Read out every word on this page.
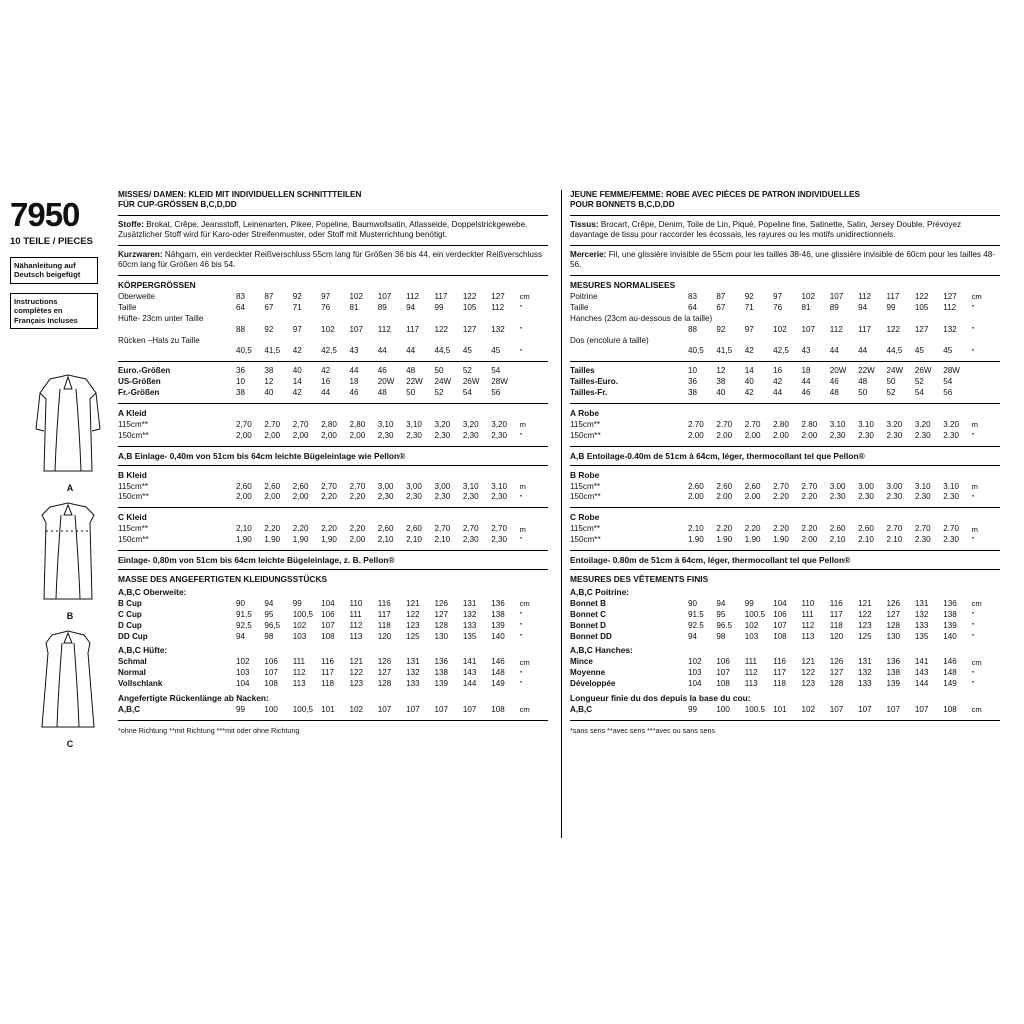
7950
10 TEILE / PIECES
Nähanleitung auf Deutsch beigefügt
Instructions complètes en Français Incluses
A
B
C
MISSES/ DAMEN: KLEID MIT INDIVIDUELLEN SCHNITTTEILEN
FÜR CUP-GRÖSSEN B,C,D,DD
Stoffe: Brokat, Crêpe, Jeansstoff, Leinenarten, Pikee, Popeline, Baumwollsatin, Atlasseide, Doppelstrickgewebe. Zusätzlicher Stoff wird für Karo-oder Streifenmuster, oder Stoff mit Musterrichtung benötigt.
Kurzwaren: Nähgarn, ein verdeckter Reißverschluss 55cm lang für Größen 36 bis 44, ein verdeckter Reißverschluss 60cm lang für Größen 46 bis 54.
KÖRPERGRÖSSEN
Oberweite	83	87	92	97	102	107	112	117	122	127	cm
Taille	64	67	71	76	81	89	94	99	105	112	"
Hüfte- 23cm unter Taille											
	88	92	97	102	107	112	117	122	127	132	"
Rücken –Hals zu Taille											
	40,5	41,5	42	42,5	43	44	44	44,5	45	45	"
Euro.-Größen	36	38	40	42	44	46	48	50	52	54	
US-Größen	10	12	14	16	18	20W	22W	24W	26W	28W	
Fr.-Größen	38	40	42	44	46	48	50	52	54	56	
A Kleid
115cm**	2,70	2,70	2,70	2,80	2,80	3,10	3,10	3,20	3,20	3,20	m
150cm**	2,00	2,00	2,00	2,00	2,00	2,30	2,30	2,30	2,30	2,30	"
A,B Einlage- 0,40m von 51cm bis 64cm leichte Bügeleinlage wie Pellon®
B Kleid
115cm**	2,60	2,60	2,60	2,70	2,70	3,00	3,00	3,00	3,10	3,10	m
150cm**	2,00	2,00	2,00	2,20	2,20	2,30	2,30	2,30	2,30	2,30	"
C Kleid
115cm**	2,10	2,20	2,20	2,20	2,20	2,60	2,60	2,70	2,70	2,70	m
150cm**	1,90	1,90	1,90	1,90	2,00	2,10	2,10	2,10	2,30	2,30	"
Einlage- 0,80m von 51cm bis 64cm leichte Bügeleinlage, z. B. Pellon®
MASSE DES ANGEFERTIGTEN KLEIDUNGSSTÜCKS
A,B,C Oberweite:
B Cup	90	94	99	104	110	116	121	126	131	136	cm
C Cup	91,5	95	100,5	106	111	117	122	127	132	138	"
D Cup	92,5	96,5	102	107	112	118	123	128	133	139	"
DD Cup	94	98	103	108	113	120	125	130	135	140	"
A,B,C Hüfte:
Schmal	102	106	111	116	121	126	131	136	141	146	cm
Normal	103	107	112	117	122	127	132	138	143	148	"
Vollschlank	104	108	113	118	123	128	133	139	144	149	"
Angefertigte Rückenlänge ab Nacken:
A,B,C	99	100	100,5	101	102	107	107	107	107	108	cm
*ohne Richtung **mit Richtung ***mit oder ohne Richtung
JEUNE FEMME/FEMME: ROBE AVEC PIÈCES DE PATRON INDIVIDUELLES
POUR BONNETS B,C,D,DD
Tissus: Brocart, Crêpe, Denim, Toile de Lin, Piqué, Popeline fine, Satinette, Satin, Jersey Double. Prévoyez davantage de tissu pour raccorder les écossais, les rayures ou les motifs unidirectionnels.
Mercerie: Fil, une glissière invisible de 55cm pour les tailles 38-46, une glissière invisible de 60cm pour les tailles 48-56.
MESURES NORMALISEES
Poitrine	83	87	92	97	102	107	112	117	122	127	cm
Taille	64	67	71	76	81	89	94	99	105	112	"
Hanches (23cm au-dessous de la taille)											
	88	92	97	102	107	112	117	122	127	132	"
Dos (encolure à taille)											
	40,5	41,5	42	42,5	43	44	44	44,5	45	45	"
Tailles	10	12	14	16	18	20W	22W	24W	26W	28W	
Tailles-Euro.	36	38	40	42	44	46	48	50	52	54	
Tailles-Fr.	38	40	42	44	46	48	50	52	54	56	
A Robe
115cm**	2.70	2.70	2.70	2.80	2.80	3.10	3.10	3.20	3.20	3.20	m
150cm**	2.00	2.00	2.00	2.00	2.00	2.30	2.30	2.30	2.30	2.30	"
A,B Entoilage-0.40m de 51cm à 64cm, léger, thermocollant tel que Pellon®
B Robe
115cm**	2.60	2.60	2.60	2.70	2.70	3.00	3.00	3.00	3.10	3.10	m
150cm**	2.00	2.00	2.00	2.20	2.20	2.30	2.30	2.30	2.30	2.30	"
C Robe
115cm**	2.10	2.20	2.20	2.20	2.20	2.60	2.60	2.70	2.70	2.70	m
150cm**	1.90	1.90	1.90	1.90	2.00	2.10	2.10	2.10	2.30	2.30	"
Entoilage- 0.80m de 51cm à 64cm, léger, thermocollant tel que Pellon®
MESURES DES VÊTEMENTS FINIS
A,B,C Poitrine:
Bonnet B	90	94	99	104	110	116	121	126	131	136	cm
Bonnet C	91.5	95	100.5	106	111	117	122	127	132	138	"
Bonnet D	92.5	96.5	102	107	112	118	123	128	133	139	"
Bonnet DD	94	98	103	108	113	120	125	130	135	140	"
A,B,C Hanches:
Mince	102	106	111	116	121	126	131	136	141	146	cm
Moyenne	103	107	112	117	122	127	132	138	143	148	"
Développée	104	108	113	118	123	128	133	139	144	149	"
Longueur finie du dos depuis la base du cou:
A,B,C	99	100	100.5	101	102	107	107	107	107	108	cm
*sans sens **avec sens ***avec ou sans sens
